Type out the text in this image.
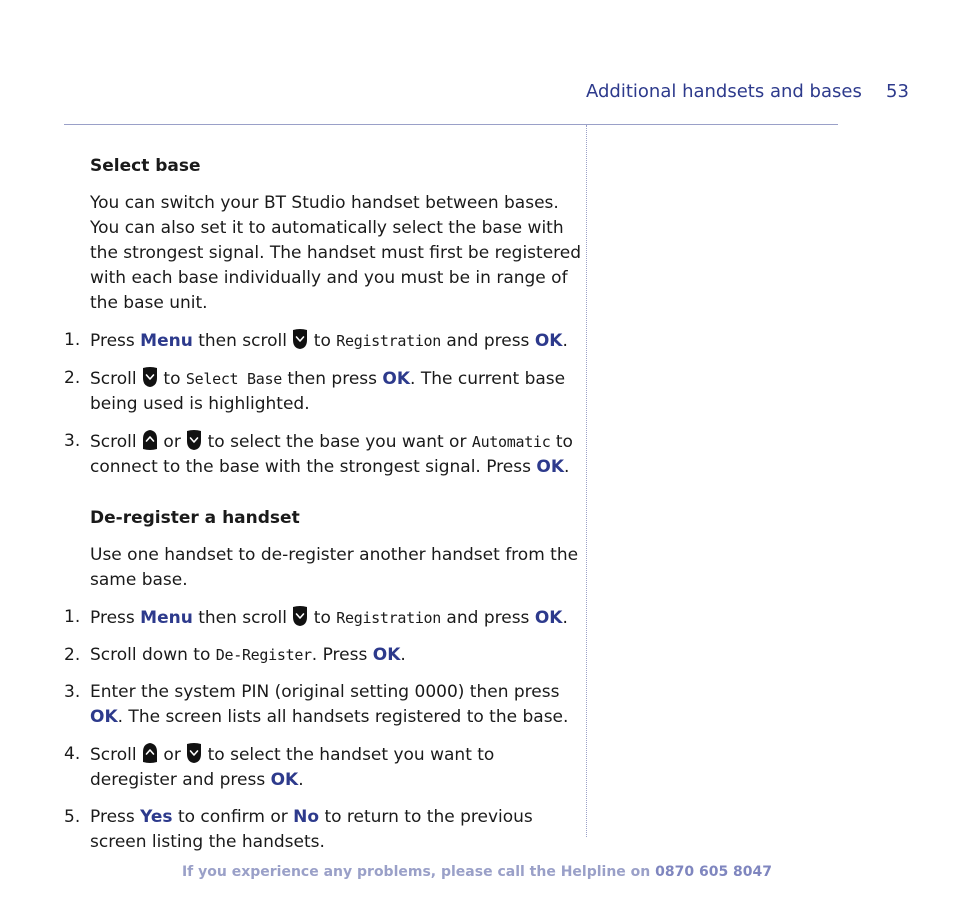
Additional handsets and bases 53
Select base
You can switch your BT Studio handset between bases. You can also set it to automatically select the base with the strongest signal. The handset must first be registered with each base individually and you must be in range of the base unit.
1. Press Menu then scroll
to Registration and press OK.
2. Scroll
to Select Base then press OK. The current base being used is highlighted.
3. Scroll
or
to select the base you want or Automatic to connect to the base with the strongest signal. Press OK.
De-register a handset
Use one handset to de-register another handset from the same base.
1. Press Menu then scroll
to Registration and press OK.
2. Scroll down to De-Register. Press OK.
3. Enter the system PIN (original setting 0000) then press OK. The screen lists all handsets registered to the base.
4. Scroll
or
to select the handset you want to deregister and press OK.
5. Press Yes to confirm or No to return to the previous screen listing the handsets.
If you experience any problems, please call the Helpline on 0870 605 8047
